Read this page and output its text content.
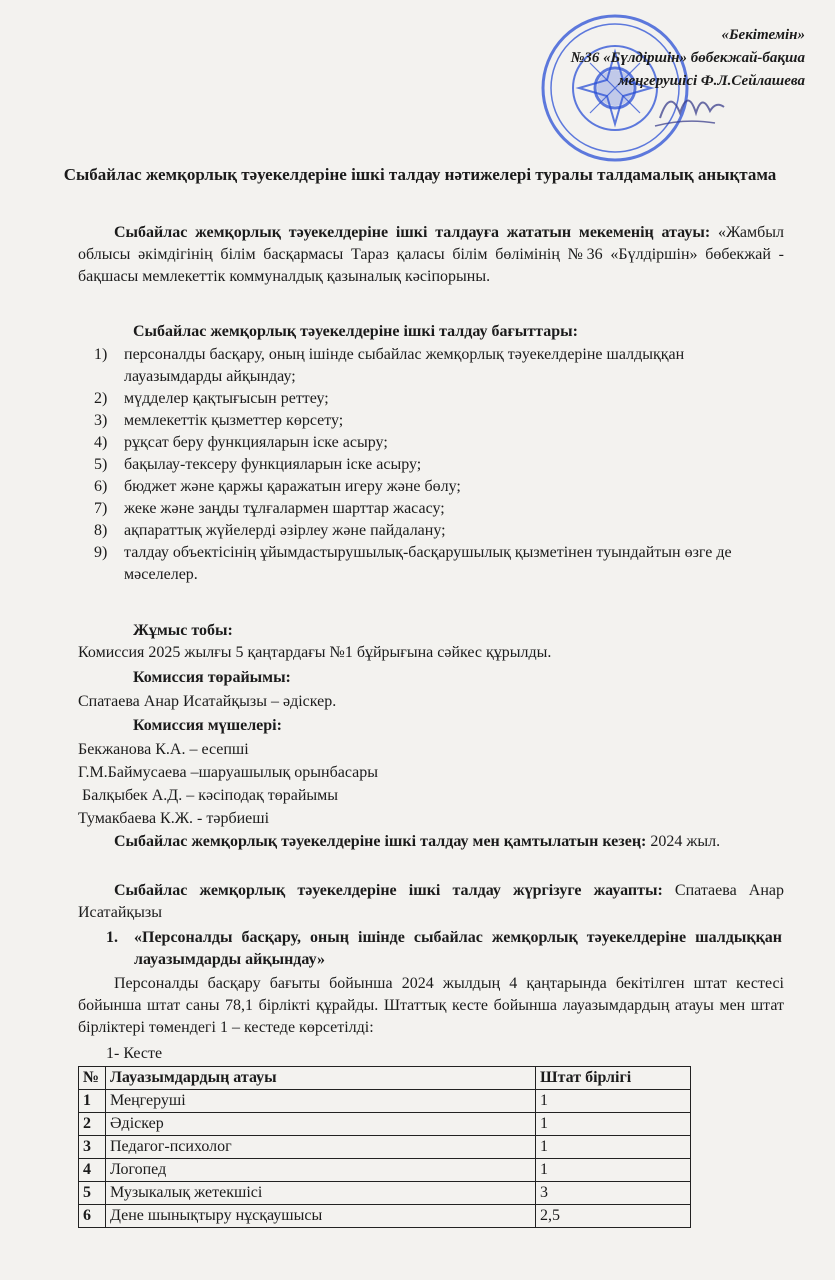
«Бекітемін»
№36 «Бүлдіршін» бөбекжай-бақша
меңгерушісі Ф.Л.Сейлашева
Сыбайлас жемқорлық тәуекелдеріне ішкі талдау нәтижелері туралы талдамалық анықтама
Сыбайлас жемқорлық тәуекелдеріне ішкі талдауға жататын мекеменің атауы: «Жамбыл облысы әкімдігінің білім басқармасы Тараз қаласы білім бөлімінің №36 «Бүлдіршін» бөбекжай - бақшасы мемлекеттік коммуналдық қазыналық кәсіпорыны.
Сыбайлас жемқорлық тәуекелдеріне ішкі талдау бағыттары:
1) персоналды басқару, оның ішінде сыбайлас жемқорлық тәуекелдеріне шалдыққан лауазымдарды айқындау;
2) мүдделер қақтығысын реттеу;
3) мемлекеттік қызметтер көрсету;
4) рұқсат беру функцияларын іске асыру;
5) бақылау-тексеру функцияларын іске асыру;
6) бюджет және қаржы қаражатын игеру және бөлу;
7) жеке және заңды тұлғалармен шарттар жасасу;
8) ақпараттық жүйелерді әзірлеу және пайдалану;
9) талдау объектісінің ұйымдастырушылық-басқарушылық қызметінен туындайтын өзге де мәселелер.
Жұмыс тобы:
Комиссия 2025 жылғы 5 қаңтардағы №1 бұйрығына сәйкес құрылды.
Комиссия төрайымы:
Спатаева Анар Исатайқызы – әдіскер.
Комиссия мүшелері:
Бекжанова К.А. – есепші
Г.М.Баймусаева –шаруашылық орынбасары
Балқыбек А.Д. – кәсіподақ төрайымы
Тумакбаева К.Ж. - тәрбиеші
Сыбайлас жемқорлық тәуекелдеріне ішкі талдау мен қамтылатын кезең: 2024 жыл.
Сыбайлас жемқорлық тәуекелдеріне ішкі талдау жүргізуге жауапты: Спатаева Анар Исатайқызы
1. «Персоналды басқару, оның ішінде сыбайлас жемқорлық тәуекелдеріне шалдыққан лауазымдарды айқындау»
Персоналды басқару бағыты бойынша 2024 жылдың 4 қаңтарында бекітілген штат кестесі бойынша штат саны 78,1 бірлікті құрайды. Штаттық кесте бойынша лауазымдардың атауы мен штат бірліктері төмендегі 1 – кестеде көрсетілді:
1- Кесте
№	Лауазымдардың атауы	Штат бірлігі
1	Меңгеруші	1
2	Әдіскер	1
3	Педагог-психолог	1
4	Логопед	1
5	Музыкалық жетекшісі	3
6	Дене шынықтыру нұсқаушысы	2,5
